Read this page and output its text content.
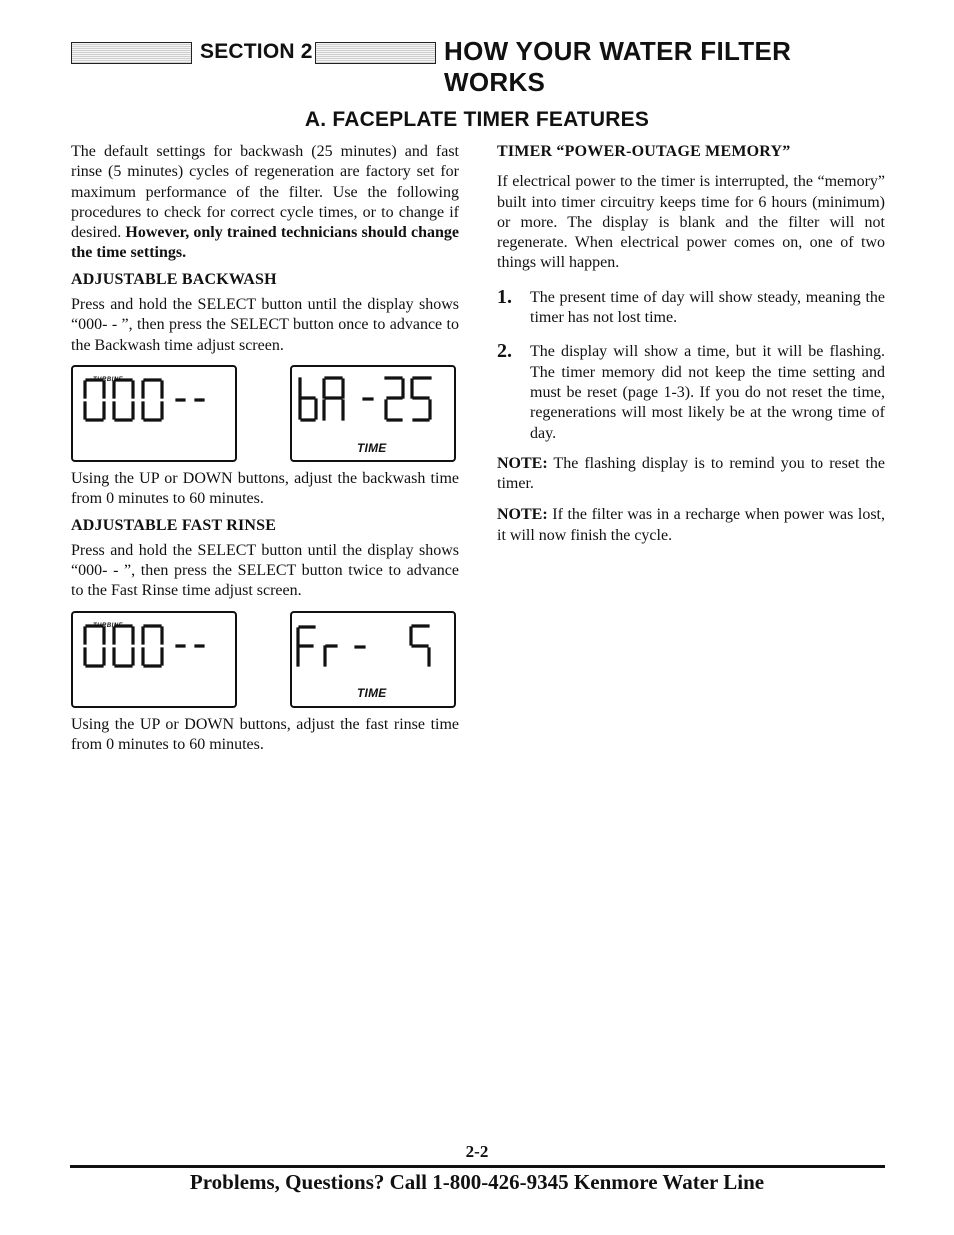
SECTION 2	HOW YOUR WATER FILTER WORKS
A. FACEPLATE TIMER FEATURES

The default settings for backwash (25 minutes) and fast rinse (5 minutes) cycles of regeneration are factory set for maximum performance of the filter. Use the following procedures to check for correct cycle times, or to change if desired. However, only trained technicians should change the time settings.

ADJUSTABLE BACKWASH

Press and hold the SELECT button until the display shows “000- - ”, then press the SELECT button once to advance to the Backwash time adjust screen.

TURBINE
TIME

Using the UP or DOWN buttons, adjust the backwash time from 0 minutes to 60 minutes.

ADJUSTABLE FAST RINSE

Press and hold the SELECT button until the display shows “000- - ”, then press the SELECT button twice to advance to the Fast Rinse time adjust screen.

TURBINE
TIME

Using the UP or DOWN buttons, adjust the fast rinse time from 0 minutes to 60 minutes.

TIMER “POWER-OUTAGE MEMORY”

If electrical power to the timer is interrupted, the “memory” built into timer circuitry keeps time for 6 hours (minimum) or more. The display is blank and the filter will not regenerate. When electrical power comes on, one of two things will happen.

1. The present time of day will show steady, meaning the timer has not lost time.

2. The display will show a time, but it will be flashing. The timer memory did not keep the time setting and must be reset (page 1-3). If you do not reset the time, regenerations will most likely be at the wrong time of day.

NOTE: The flashing display is to remind you to reset the timer.

NOTE: If the filter was in a recharge when power was lost, it will now finish the cycle.

2-2
Problems, Questions? Call 1-800-426-9345 Kenmore Water Line
